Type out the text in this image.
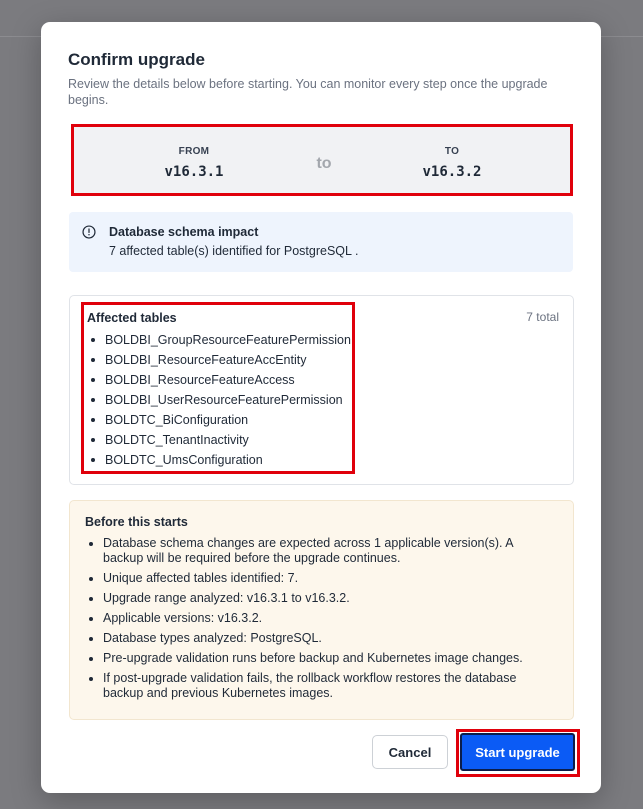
Confirm upgrade
Review the details below before starting. You can monitor every step once the upgrade begins.
FROM
v16.3.1	to
TO
v16.3.2
Database schema impact
7 affected table(s) identified for PostgreSQL .
7 total
Affected tables
BOLDBI_GroupResourceFeaturePermission
BOLDBI_ResourceFeatureAccEntity
BOLDBI_ResourceFeatureAccess
BOLDBI_UserResourceFeaturePermission
BOLDTC_BiConfiguration
BOLDTC_TenantInactivity
BOLDTC_UmsConfiguration
Before this starts
Database schema changes are expected across 1 applicable version(s). A backup will be required before the upgrade continues.
Unique affected tables identified: 7.
Upgrade range analyzed: v16.3.1 to v16.3.2.
Applicable versions: v16.3.2.
Database types analyzed: PostgreSQL.
Pre-upgrade validation runs before backup and Kubernetes image changes.
If post-upgrade validation fails, the rollback workflow restores the database backup and previous Kubernetes images.
Cancel	Start upgrade
